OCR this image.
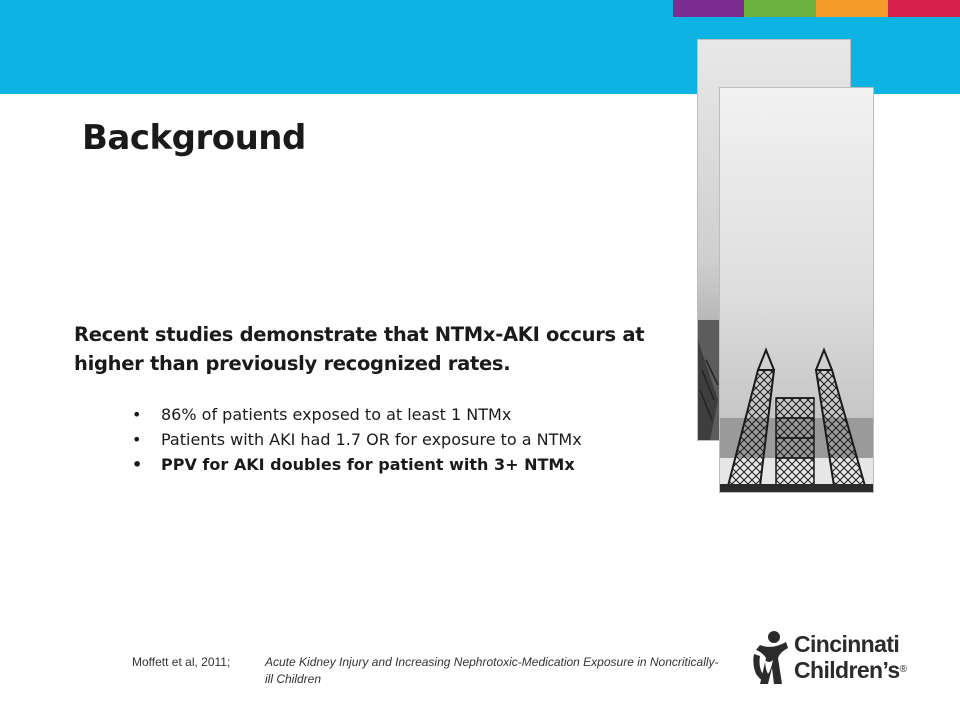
Background

Recent studies demonstrate that NTMx-AKI occurs at higher than previously recognized rates.

• 86% of patients exposed to at least 1 NTMx
• Patients with AKI had 1.7 OR for exposure to a NTMx
• PPV for AKI doubles for patient with 3+ NTMx
Moffett et al, 2011;	Acute Kidney Injury and Increasing Nephrotoxic-Medication Exposure in Noncritically-ill Children
Cincinnati
Children’s®
